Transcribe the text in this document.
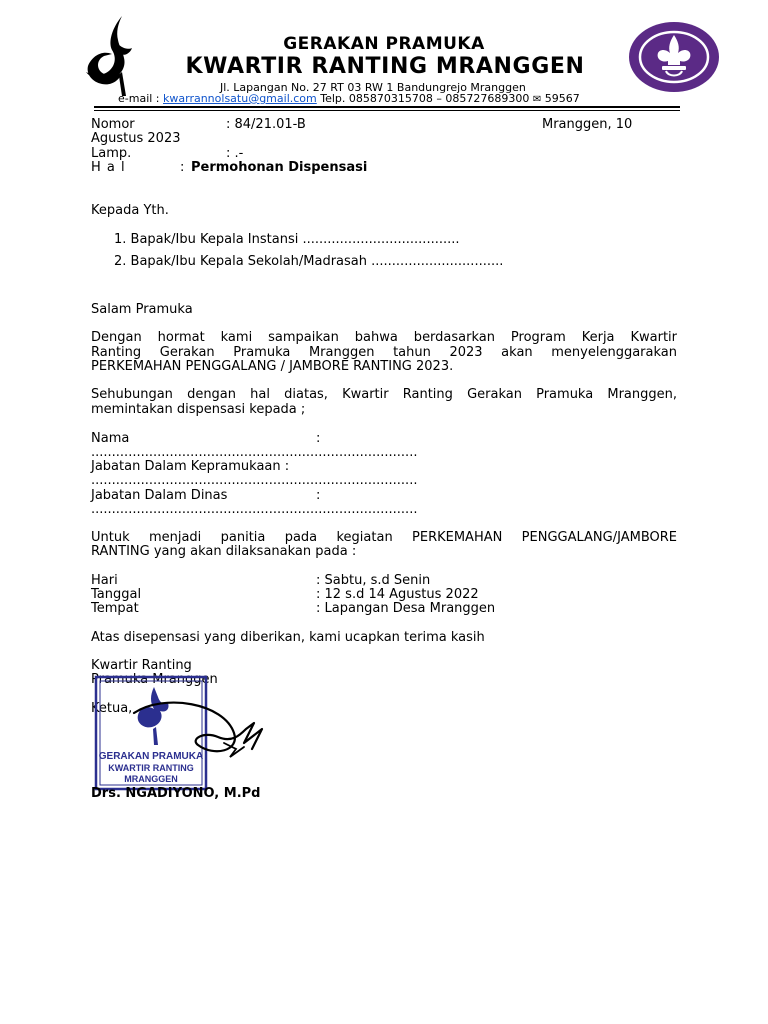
GERAKAN PRAMUKA
KWARTIR RANTING MRANGGEN
Jl. Lapangan No. 27 RT 03 RW 1 Bandungrejo Mranggen
e-mail : kwarrannolsatu@gmail.com Telp. 085870315708 – 085727689300 ✉ 59567
Nomor	: 84/21.01-B	Mranggen, 10
Agustus 2023
Lamp.	: .-
H a l	: Permohonan Dispensasi
Kepada Yth.
1. Bapak/Ibu Kepala Instansi ......................................
2. Bapak/Ibu Kepala Sekolah/Madrasah ................................
Salam Pramuka
Dengan hormat kami sampaikan bahwa berdasarkan Program Kerja Kwartir
Ranting Gerakan Pramuka Mranggen tahun 2023 akan menyelenggarakan
PERKEMAHAN PENGGALANG / JAMBORE RANTING 2023.
Sehubungan dengan hal diatas, Kwartir Ranting Gerakan Pramuka Mranggen,
memintakan dispensasi kepada ;
Nama	:
...............................................................................
Jabatan Dalam Kepramukaan :
...............................................................................
Jabatan Dalam Dinas	:
...............................................................................
Untuk menjadi panitia pada kegiatan PERKEMAHAN PENGGALANG/JAMBORE
RANTING yang akan dilaksanakan pada :
Hari	: Sabtu, s.d Senin
Tanggal	: 12 s.d 14 Agustus 2022
Tempat	: Lapangan Desa Mranggen
Atas disepensasi yang diberikan, kami ucapkan terima kasih
Kwartir Ranting
Pramuka Mranggen
Ketua,
GERAKAN PRAMUKA
KWARTIR RANTING
MRANGGEN
Drs. NGADIYONO, M.Pd
